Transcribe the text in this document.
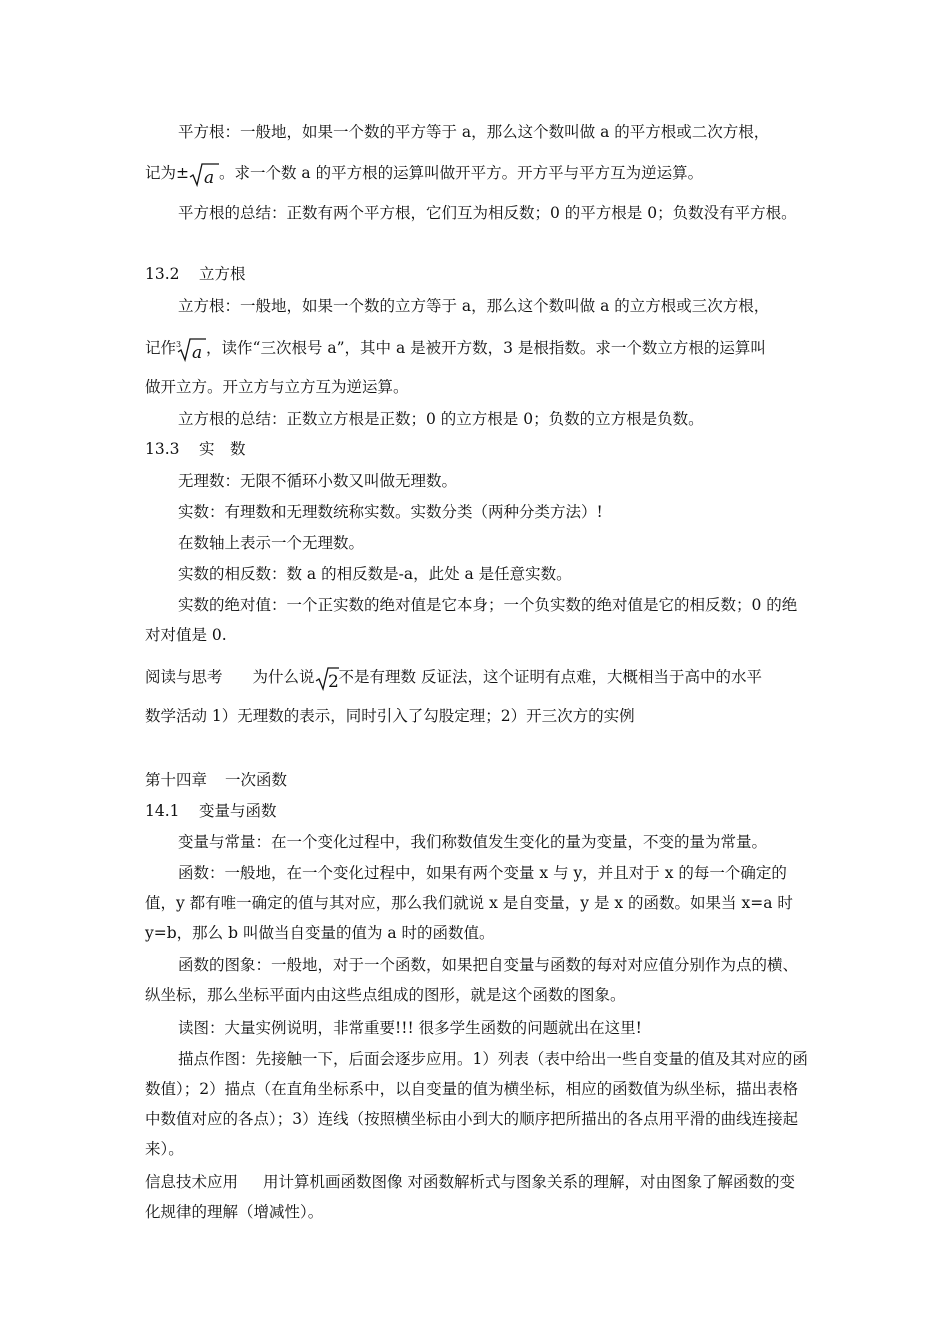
平方根：一般地，如果一个数的平方等于 a，那么这个数叫做 a 的平方根或二次方根，
记为± a 。求一个数 a 的平方根的运算叫做开平方。开方平与平方互为逆运算。
平方根的总结：正数有两个平方根，它们互为相反数；0 的平方根是 0；负数没有平方根。
13.2 立方根
立方根：一般地，如果一个数的立方等于 a，那么这个数叫做 a 的立方根或三次方根，
记作 3 a ，读作“三次根号 a”，其中 a 是被开方数，3 是根指数。求一个数立方根的运算叫
做开立方。开立方与立方互为逆运算。
立方根的总结：正数立方根是正数；0 的立方根是 0；负数的立方根是负数。
13.3 实　数
无理数：无限不循环小数又叫做无理数。
实数：有理数和无理数统称实数。实数分类（两种分类方法）!
在数轴上表示一个无理数。
实数的相反数：数 a 的相反数是-a，此处 a 是任意实数。
实数的绝对值：一个正实数的绝对值是它本身；一个负实数的绝对值是它的相反数；0 的绝对对值是 0.
阅读与思考 为什么说 2 不是有理数 反证法，这个证明有点难，大概相当于高中的水平
数学活动 1）无理数的表示，同时引入了勾股定理；2）开三次方的实例
第十四章 一次函数
14.1 变量与函数
变量与常量：在一个变化过程中，我们称数值发生变化的量为变量，不变的量为常量。
函数：一般地，在一个变化过程中，如果有两个变量 x 与 y，并且对于 x 的每一个确定的值，y 都有唯一确定的值与其对应，那么我们就说 x 是自变量，y 是 x 的函数。如果当 x=a 时 y=b，那么 b 叫做当自变量的值为 a 时的函数值。
函数的图象：一般地，对于一个函数，如果把自变量与函数的每对对应值分别作为点的横、纵坐标，那么坐标平面内由这些点组成的图形，就是这个函数的图象。
读图：大量实例说明，非常重要!!! 很多学生函数的问题就出在这里!
描点作图：先接触一下，后面会逐步应用。1）列表（表中给出一些自变量的值及其对应的函数值）；2）描点（在直角坐标系中，以自变量的值为横坐标，相应的函数值为纵坐标，描出表格中数值对应的各点）；3）连线（按照横坐标由小到大的顺序把所描出的各点用平滑的曲线连接起来）。
信息技术应用 用计算机画函数图像 对函数解析式与图象关系的理解，对由图象了解函数的变化规律的理解（增减性）。
